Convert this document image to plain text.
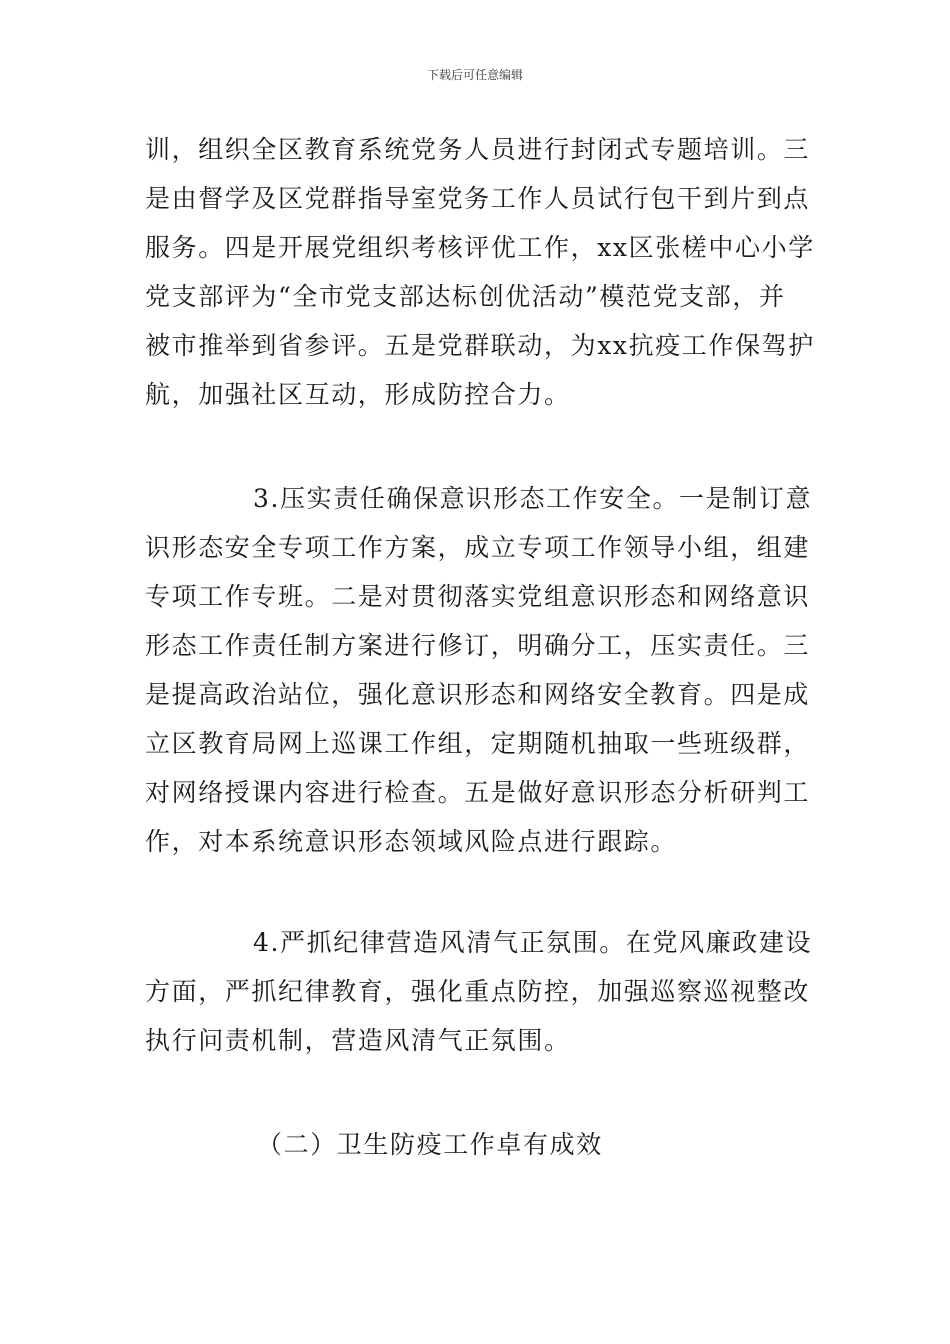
下载后可任意编辑
训，组织全区教育系统党务人员进行封闭式专题培训。三
是由督学及区党群指导室党务工作人员试行包干到片到点
服务。四是开展党组织考核评优工作，xx区张槎中心小学
党支部评为“全市党支部达标创优活动”模范党支部，并
被市推举到省参评。五是党群联动，为xx抗疫工作保驾护
航，加强社区互动，形成防控合力。
3.压实责任确保意识形态工作安全。一是制订意
识形态安全专项工作方案，成立专项工作领导小组，组建
专项工作专班。二是对贯彻落实党组意识形态和网络意识
形态工作责任制方案进行修订，明确分工，压实责任。三
是提高政治站位，强化意识形态和网络安全教育。四是成
立区教育局网上巡课工作组，定期随机抽取一些班级群，
对网络授课内容进行检查。五是做好意识形态分析研判工
作，对本系统意识形态领域风险点进行跟踪。
4.严抓纪律营造风清气正氛围。在党风廉政建设
方面，严抓纪律教育，强化重点防控，加强巡察巡视整改
执行问责机制，营造风清气正氛围。
（二）卫生防疫工作卓有成效
